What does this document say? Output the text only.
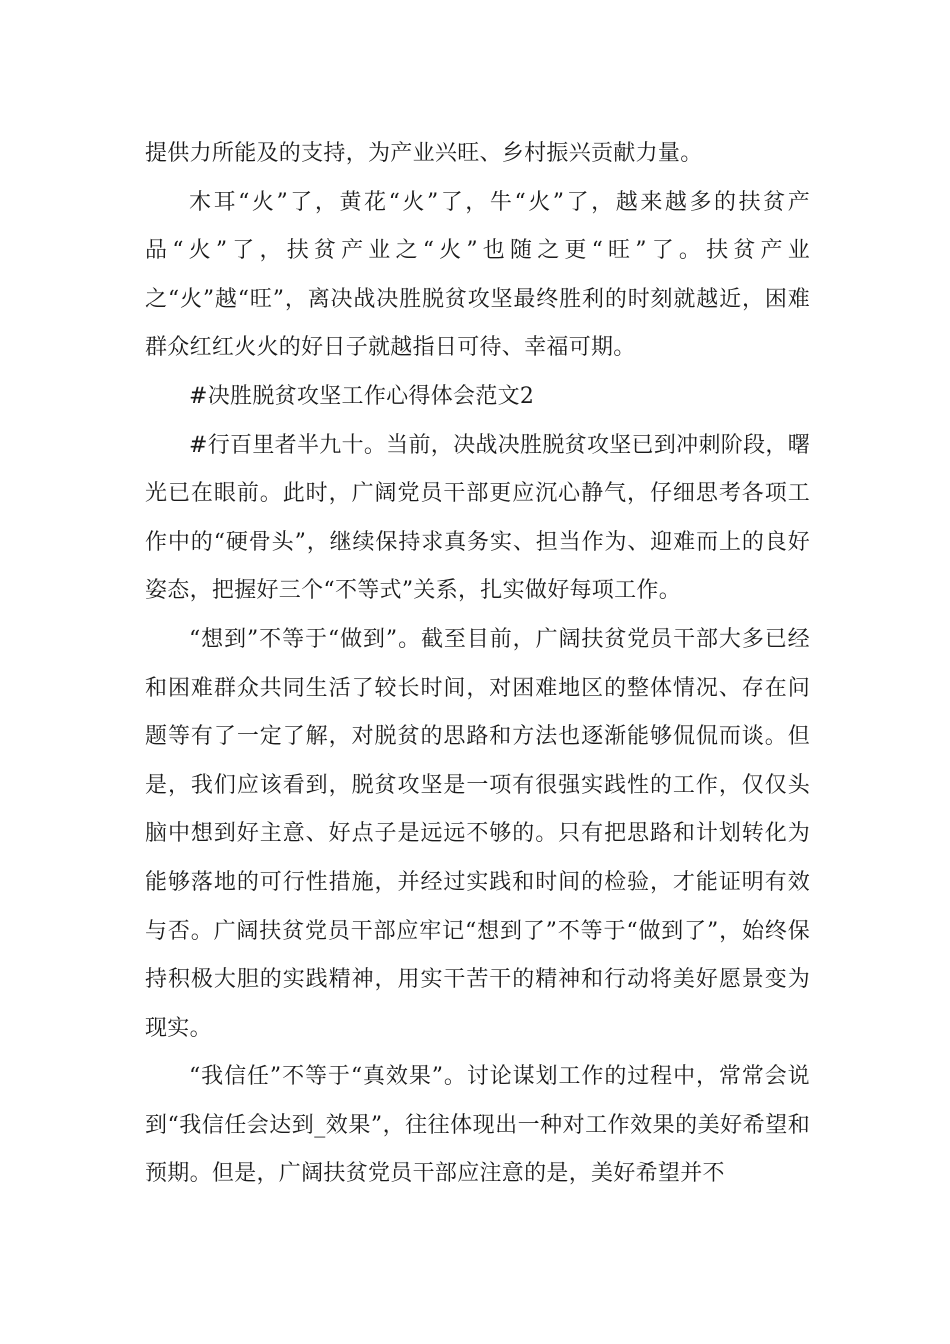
提供力所能及的支持，为产业兴旺、乡村振兴贡献力量。

木耳“火”了，黄花“火”了，牛“火”了，越来越多的扶贫产品“火”了，扶贫产业之“火”也随之更“旺”了。扶贫产业之“火”越“旺”，离决战决胜脱贫攻坚最终胜利的时刻就越近，困难群众红红火火的好日子就越指日可待、幸福可期。

#决胜脱贫攻坚工作心得体会范文2

#行百里者半九十。当前，决战决胜脱贫攻坚已到冲刺阶段，曙光已在眼前。此时，广阔党员干部更应沉心静气，仔细思考各项工作中的“硬骨头”，继续保持求真务实、担当作为、迎难而上的良好姿态，把握好三个“不等式”关系，扎实做好每项工作。

“想到”不等于“做到”。截至目前，广阔扶贫党员干部大多已经和困难群众共同生活了较长时间，对困难地区的整体情况、存在问题等有了一定了解，对脱贫的思路和方法也逐渐能够侃侃而谈。但是，我们应该看到，脱贫攻坚是一项有很强实践性的工作，仅仅头脑中想到好主意、好点子是远远不够的。只有把思路和计划转化为能够落地的可行性措施，并经过实践和时间的检验，才能证明有效与否。广阔扶贫党员干部应牢记“想到了”不等于“做到了”，始终保持积极大胆的实践精神，用实干苦干的精神和行动将美好愿景变为现实。

“我信任”不等于“真效果”。讨论谋划工作的过程中，常常会说到“我信任会达到_效果”，往往体现出一种对工作效果的美好希望和预期。但是，广阔扶贫党员干部应注意的是，美好希望并不
